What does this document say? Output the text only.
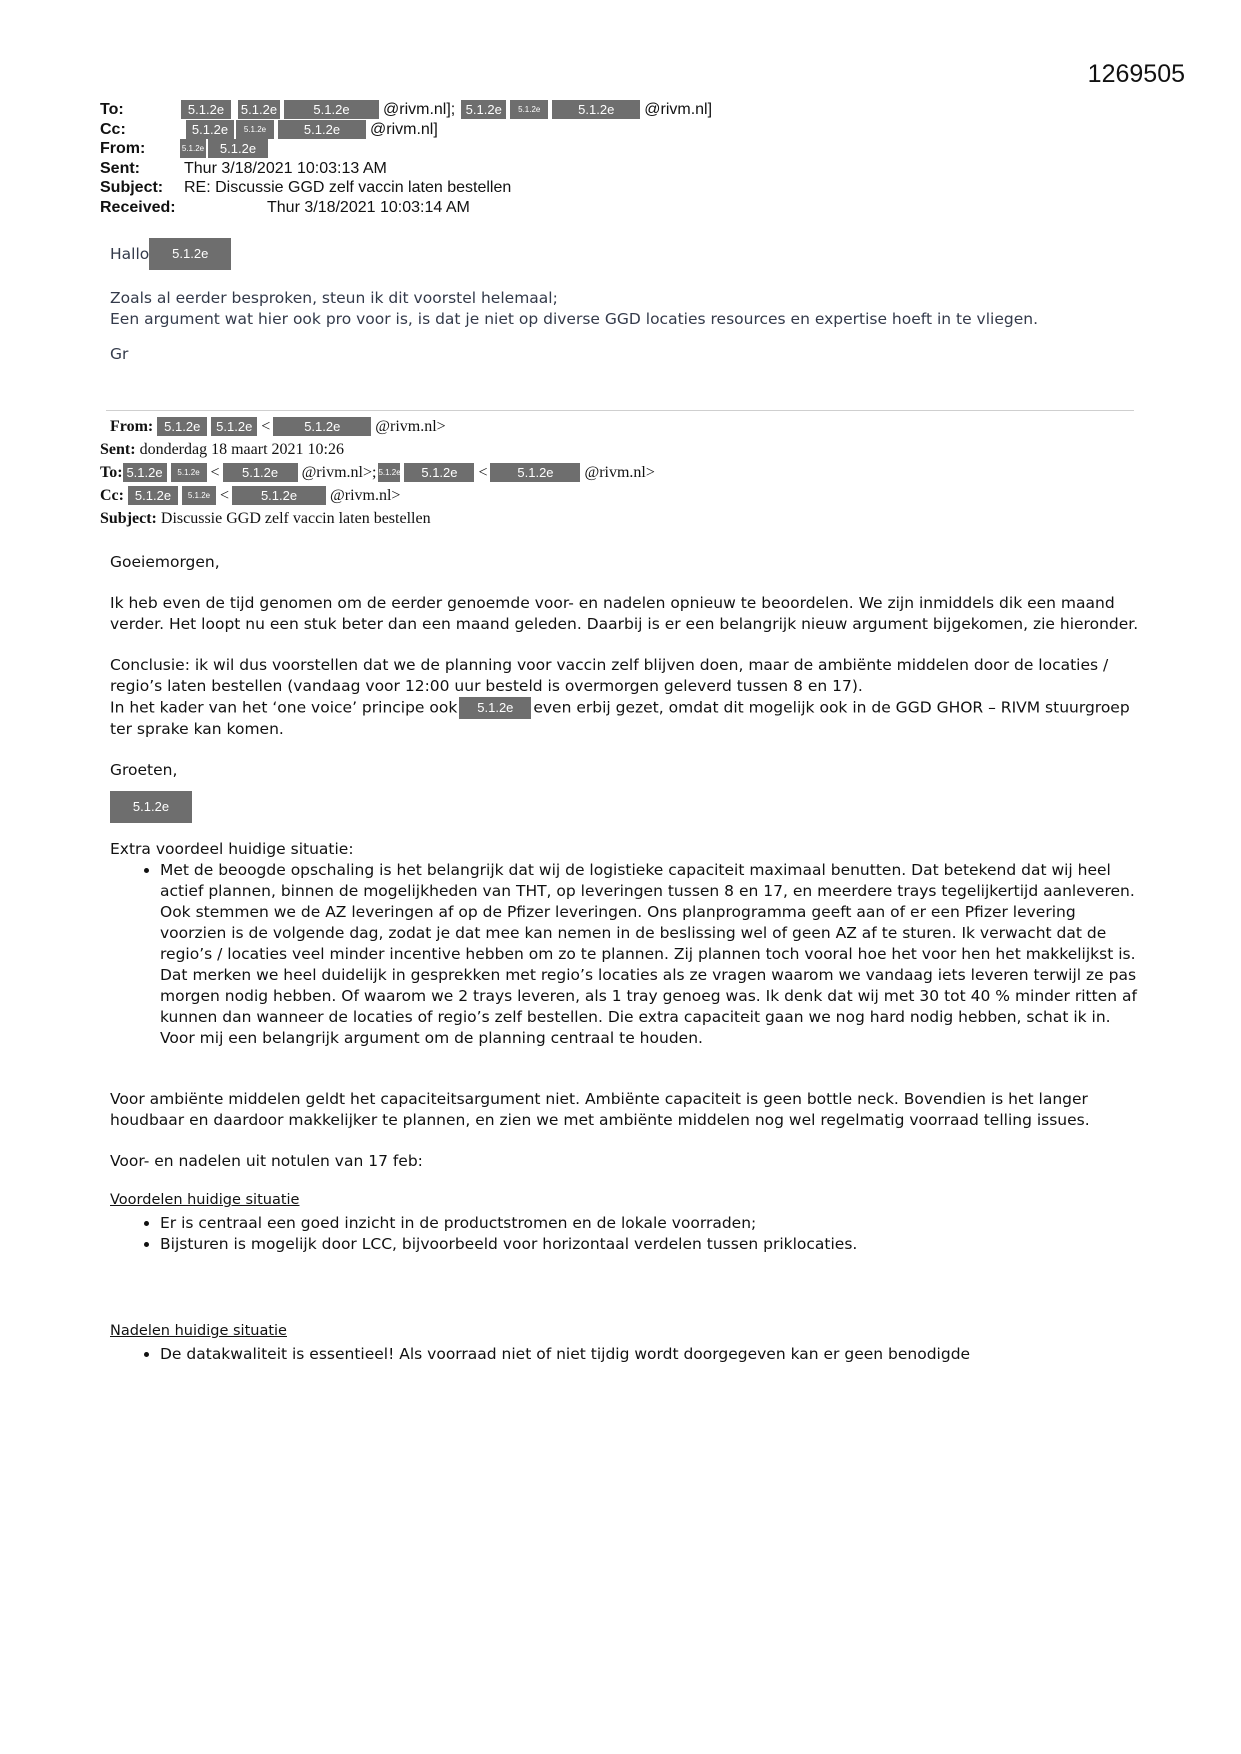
1269505
To:	5.1.2e	5.1.2e	5.1.2e	@rivm.nl]; 5.1.2e	5.1.2e	5.1.2e	@rivm.nl]
Cc:	5.1.2e	5.1.2e	5.1.2e	@rivm.nl]
From:	5.1.2e	5.1.2e
Sent:	Thur 3/18/2021 10:03:13 AM
Subject:	RE: Discussie GGD zelf vaccin laten bestellen
Received:	Thur 3/18/2021 10:03:14 AM

Hallo	5.1.2e

Zoals al eerder besproken, steun ik dit voorstel helemaal;
Een argument wat hier ook pro voor is, is dat je niet op diverse GGD locaties resources en expertise hoeft in te vliegen.

Gr

From:
5.1.2e	5.1.2e <	5.1.2e	@rivm.nl>
Sent:
donderdag 18 maart 2021 10:26
To: 5.1.2e	5.1.2e <	5.1.2e	@rivm.nl>; 5.1.2e	5.1.2e	<	5.1.2e	@rivm.nl>
Cc:
5.1.2e	5.1.2e <	5.1.2e	@rivm.nl>
Subject:
Discussie GGD zelf vaccin laten bestellen

Goeiemorgen,

Ik heb even de tijd genomen om de eerder genoemde voor- en nadelen opnieuw te beoordelen. We zijn inmiddels dik een maand verder. Het loopt nu een stuk beter dan een maand geleden. Daarbij is er een belangrijk nieuw argument bijgekomen, zie hieronder.

Conclusie: ik wil dus voorstellen dat we de planning voor vaccin zelf blijven doen, maar de ambiënte middelen door de locaties / regio’s laten bestellen (vandaag voor 12:00 uur besteld is overmorgen geleverd tussen 8 en 17).
In het kader van het ‘one voice’ principe ook 5.1.2e even erbij gezet, omdat dit mogelijk ook in de GGD GHOR – RIVM stuurgroep ter sprake kan komen.

Groeten,

5.1.2e
Extra voordeel huidige situatie:
• Met de beoogde opschaling is het belangrijk dat wij de logistieke capaciteit maximaal benutten. Dat betekend dat wij heel actief plannen, binnen de mogelijkheden van THT, op leveringen tussen 8 en 17, en meerdere trays tegelijkertijd aanleveren. Ook stemmen we de AZ leveringen af op de Pfizer leveringen. Ons planprogramma geeft aan of er een Pfizer levering voorzien is de volgende dag, zodat je dat mee kan nemen in de beslissing wel of geen AZ af te sturen. Ik verwacht dat de regio’s / locaties veel minder incentive hebben om zo te plannen. Zij plannen toch vooral hoe het voor hen het makkelijkst is. Dat merken we heel duidelijk in gesprekken met regio’s locaties als ze vragen waarom we vandaag iets leveren terwijl ze pas morgen nodig hebben. Of waarom we 2 trays leveren, als 1 tray genoeg was. Ik denk dat wij met 30 tot 40 % minder ritten af kunnen dan wanneer de locaties of regio’s zelf bestellen. Die extra capaciteit gaan we nog hard nodig hebben, schat ik in. Voor mij een belangrijk argument om de planning centraal te houden.

Voor ambiënte middelen geldt het capaciteitsargument niet. Ambiënte capaciteit is geen bottle neck. Bovendien is het langer houdbaar en daardoor makkelijker te plannen, en zien we met ambiënte middelen nog wel regelmatig voorraad telling issues.

Voor- en nadelen uit notulen van 17 feb:

Voordelen huidige situatie
• Er is centraal een goed inzicht in de productstromen en de lokale voorraden;
• Bijsturen is mogelijk door LCC, bijvoorbeeld voor horizontaal verdelen tussen priklocaties.
Nadelen huidige situatie
• De datakwaliteit is essentieel! Als voorraad niet of niet tijdig wordt doorgegeven kan er geen benodigde
